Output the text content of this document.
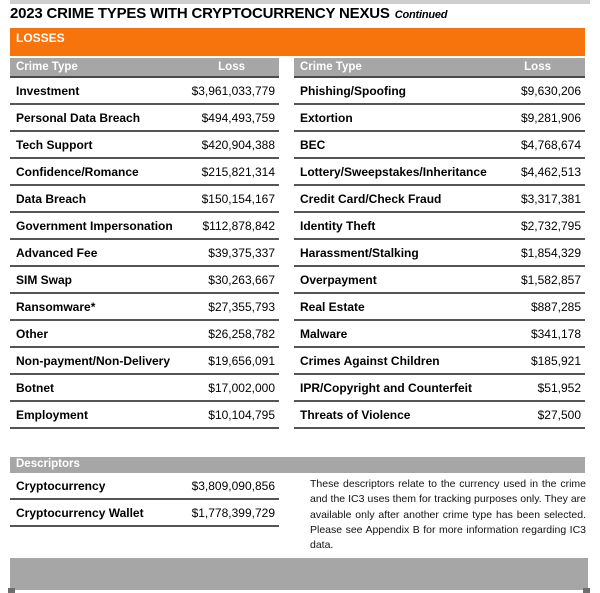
2023 CRIME TYPES WITH CRYPTOCURRENCY NEXUS Continued
LOSSES
Crime Type	Loss	Crime Type	Loss
Investment	$3,961,033,779
Personal Data Breach	$494,493,759
Tech Support	$420,904,388
Confidence/Romance	$215,821,314
Data Breach	$150,154,167
Government Impersonation $112,878,842
Advanced Fee	$39,375,337
SIM Swap	$30,263,667
Ransomware*	$27,355,793
Other	$26,258,782
Non-payment/Non-Delivery	$19,656,091
Botnet	$17,002,000
Employment	$10,104,795
Phishing/Spoofing	$9,630,206
Extortion	$9,281,906
BEC	$4,768,674
Lottery/Sweepstakes/Inheritance	$4,462,513
Credit Card/Check Fraud	$3,317,381
Identity Theft	$2,732,795
Harassment/Stalking	$1,854,329
Overpayment	$1,582,857
Real Estate	$887,285
Malware	$341,178
Crimes Against Children	$185,921
IPR/Copyright and Counterfeit	$51,952
Threats of Violence	$27,500
Descriptors
Cryptocurrency	$3,809,090,856
Cryptocurrency Wallet	$1,778,399,729
These descriptors relate to the currency used in the crime and the IC3 uses them for tracking purposes only. They are available only after another crime type has been selected. Please see Appendix B for more information regarding IC3 data.
